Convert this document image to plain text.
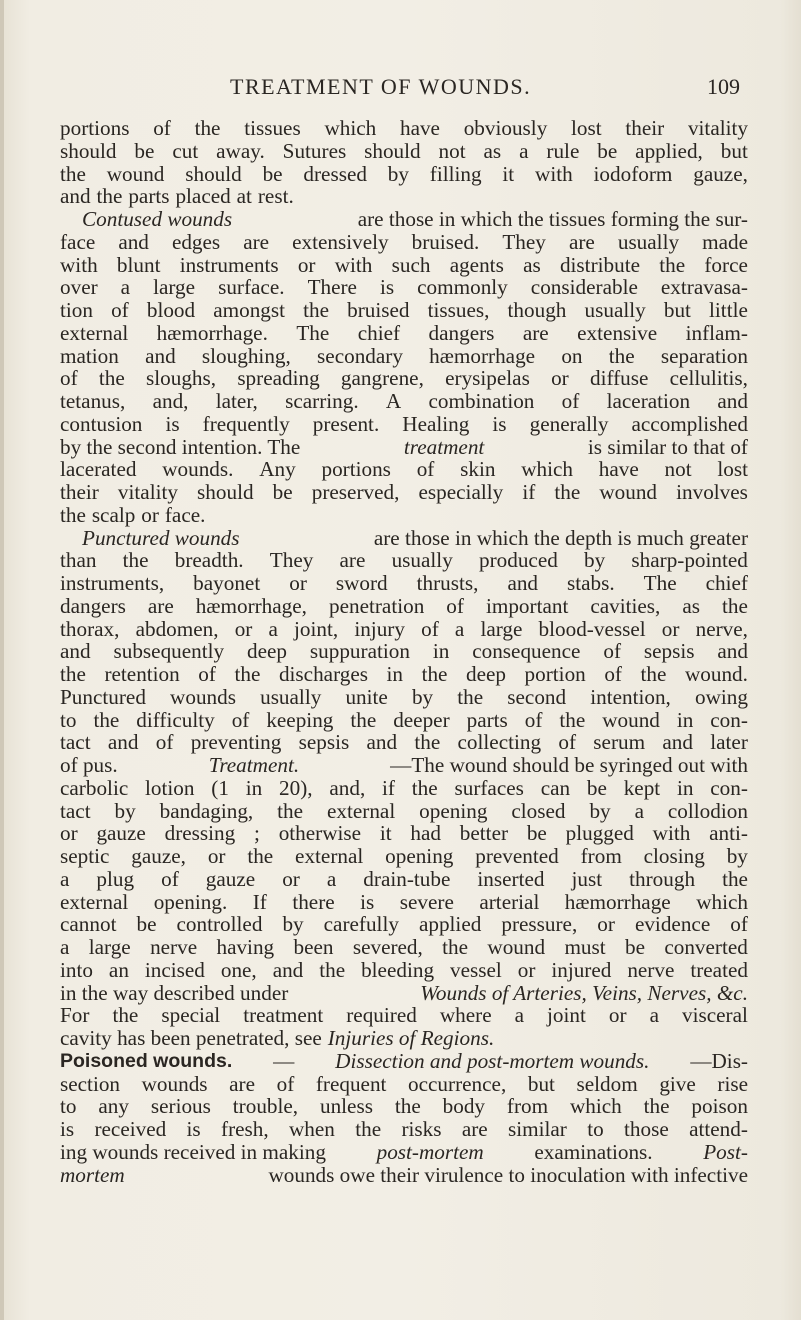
TREATMENT OF WOUNDS.	109
portions of the tissues which have obviously lost their vitality
should be cut away. Sutures should not as a rule be applied, but
the wound should be dressed by filling it with iodoform gauze,
and the parts placed at rest.
Contused wounds	are those in which the tissues forming the sur-
face and edges are extensively bruised. They are usually made
with blunt instruments or with such agents as distribute the force
over a large surface. There is commonly considerable extravasa-
tion of blood amongst the bruised tissues, though usually but little
external hæmorrhage. The chief dangers are extensive inflam-
mation and sloughing, secondary hæmorrhage on the separation
of the sloughs, spreading gangrene, erysipelas or diffuse cellulitis,
tetanus, and, later, scarring. A combination of laceration and
contusion is frequently present. Healing is generally accomplished
by the second intention. The	treatment	is similar to that of
lacerated wounds. Any portions of skin which have not lost
their vitality should be preserved, especially if the wound involves
the scalp or face.
Punctured wounds	are those in which the depth is much greater
than the breadth. They are usually produced by sharp-pointed
instruments, bayonet or sword thrusts, and stabs. The chief
dangers are hæmorrhage, penetration of important cavities, as the
thorax, abdomen, or a joint, injury of a large blood-vessel or nerve,
and subsequently deep suppuration in consequence of sepsis and
the retention of the discharges in the deep portion of the wound.
Punctured wounds usually unite by the second intention, owing
to the difficulty of keeping the deeper parts of the wound in con-
tact and of preventing sepsis and the collecting of serum and later
of pus.	Treatment.	—The wound should be syringed out with
carbolic lotion (1 in 20), and, if the surfaces can be kept in con-
tact by bandaging, the external opening closed by a collodion
or gauze dressing ; otherwise it had better be plugged with anti-
septic gauze, or the external opening prevented from closing by
a plug of gauze or a drain-tube inserted just through the
external opening. If there is severe arterial hæmorrhage which
cannot be controlled by carefully applied pressure, or evidence of
a large nerve having been severed, the wound must be converted
into an incised one, and the bleeding vessel or injured nerve treated
in the way described under	Wounds of Arteries, Veins, Nerves, &c.
For the special treatment required where a joint or a visceral
cavity has been penetrated, see Injuries of Regions.
Poisoned wounds. — Dissection and post-mortem wounds. —Dis-
section wounds are of frequent occurrence, but seldom give rise
to any serious trouble, unless the body from which the poison
is received is fresh, when the risks are similar to those attend-
ing wounds received in making post-mortem examinations. Post-
mortem	wounds owe their virulence to inoculation with infective
